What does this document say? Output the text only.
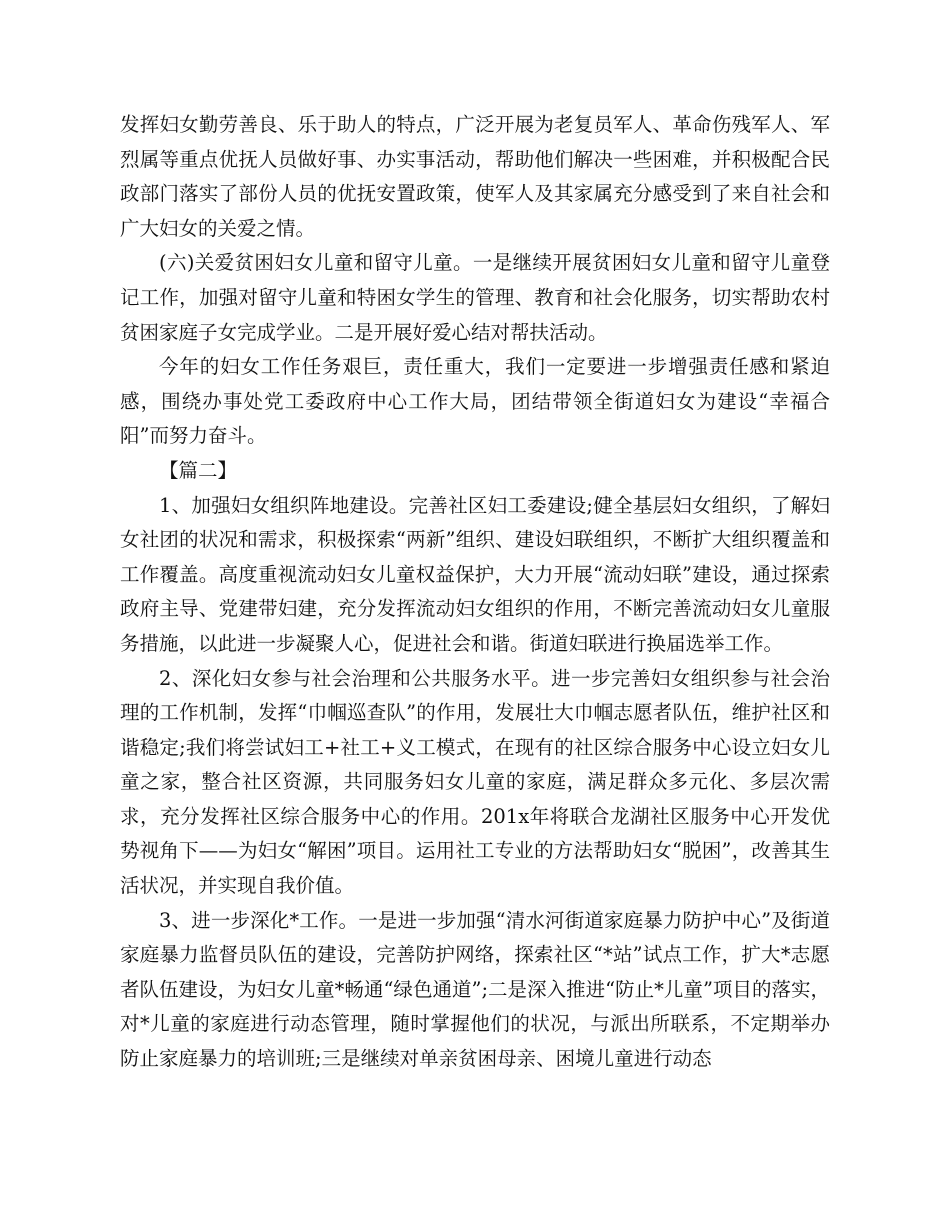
发挥妇女勤劳善良、乐于助人的特点，广泛开展为老复员军人、革命伤残军人、军烈属等重点优抚人员做好事、办实事活动，帮助他们解决一些困难，并积极配合民政部门落实了部份人员的优抚安置政策，使军人及其家属充分感受到了来自社会和广大妇女的关爱之情。

(六)关爱贫困妇女儿童和留守儿童。一是继续开展贫困妇女儿童和留守儿童登记工作，加强对留守儿童和特困女学生的管理、教育和社会化服务，切实帮助农村贫困家庭子女完成学业。二是开展好爱心结对帮扶活动。

今年的妇女工作任务艰巨，责任重大，我们一定要进一步增强责任感和紧迫感，围绕办事处党工委政府中心工作大局，团结带领全街道妇女为建设“幸福合阳”而努力奋斗。

【篇二】

1、加强妇女组织阵地建设。完善社区妇工委建设;健全基层妇女组织，了解妇女社团的状况和需求，积极探索“两新”组织、建设妇联组织，不断扩大组织覆盖和工作覆盖。高度重视流动妇女儿童权益保护，大力开展“流动妇联”建设，通过探索政府主导、党建带妇建，充分发挥流动妇女组织的作用，不断完善流动妇女儿童服务措施，以此进一步凝聚人心，促进社会和谐。街道妇联进行换届选举工作。

2、深化妇女参与社会治理和公共服务水平。进一步完善妇女组织参与社会治理的工作机制，发挥“巾帼巡查队”的作用，发展壮大巾帼志愿者队伍，维护社区和谐稳定;我们将尝试妇工+社工+义工模式，在现有的社区综合服务中心设立妇女儿童之家，整合社区资源，共同服务妇女儿童的家庭，满足群众多元化、多层次需求，充分发挥社区综合服务中心的作用。201x年将联合龙湖社区服务中心开发优势视角下——为妇女“解困”项目。运用社工专业的方法帮助妇女“脱困”，改善其生活状况，并实现自我价值。

3、进一步深化*工作。一是进一步加强“清水河街道家庭暴力防护中心”及街道家庭暴力监督员队伍的建设，完善防护网络，探索社区“*站”试点工作，扩大*志愿者队伍建设，为妇女儿童*畅通“绿色通道”;二是深入推进“防止*儿童”项目的落实，对*儿童的家庭进行动态管理，随时掌握他们的状况，与派出所联系，不定期举办防止家庭暴力的培训班;三是继续对单亲贫困母亲、困境儿童进行动态
